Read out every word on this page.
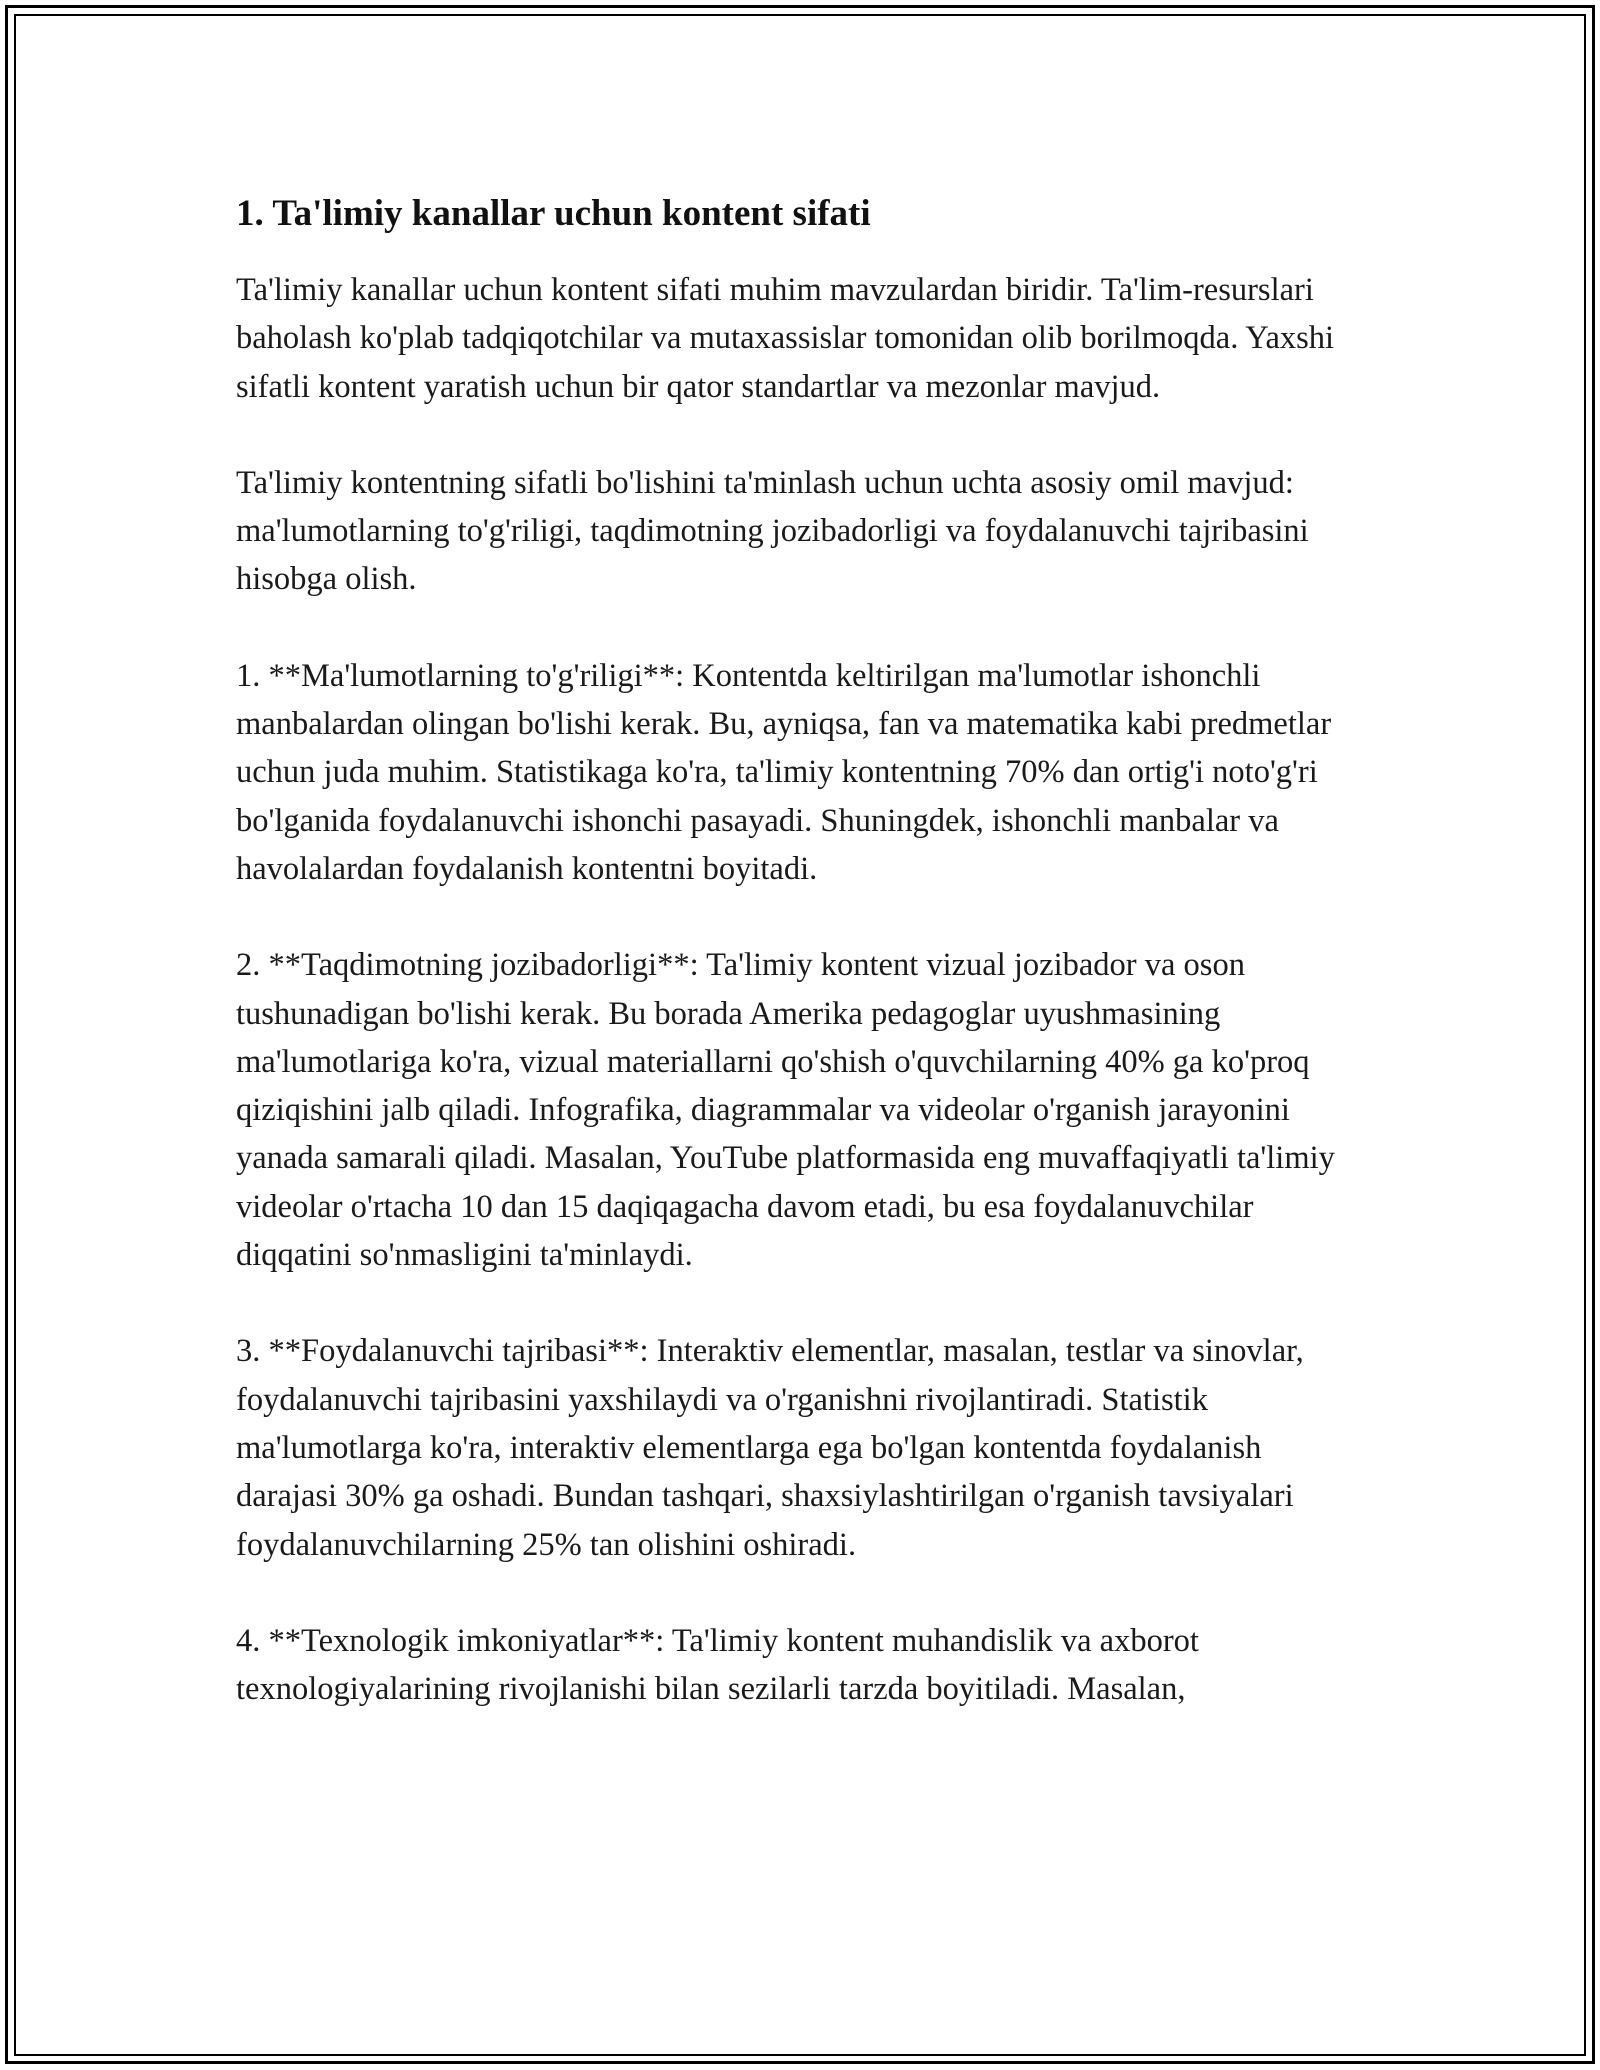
1. Ta'limiy kanallar uchun kontent sifati

Ta'limiy kanallar uchun kontent sifati muhim mavzulardan biridir. Ta'lim-resurslari baholash ko'plab tadqiqotchilar va mutaxassislar tomonidan olib borilmoqda. Yaxshi sifatli kontent yaratish uchun bir qator standartlar va mezonlar mavjud.

Ta'limiy kontentning sifatli bo'lishini ta'minlash uchun uchta asosiy omil mavjud: ma'lumotlarning to'g'riligi, taqdimotning jozibadorligi va foydalanuvchi tajribasini hisobga olish.

1. **Ma'lumotlarning to'g'riligi**: Kontentda keltirilgan ma'lumotlar ishonchli manbalardan olingan bo'lishi kerak. Bu, ayniqsa, fan va matematika kabi predmetlar uchun juda muhim. Statistikaga ko'ra, ta'limiy kontentning 70% dan ortig'i noto'g'ri bo'lganida foydalanuvchi ishonchi pasayadi. Shuningdek, ishonchli manbalar va havolalardan foydalanish kontentni boyitadi.

2. **Taqdimotning jozibadorligi**: Ta'limiy kontent vizual jozibador va oson tushunadigan bo'lishi kerak. Bu borada Amerika pedagoglar uyushmasining ma'lumotlariga ko'ra, vizual materiallarni qo'shish o'quvchilarning 40% ga ko'proq qiziqishini jalb qiladi. Infografika, diagrammalar va videolar o'rganish jarayonini yanada samarali qiladi. Masalan, YouTube platformasida eng muvaffaqiyatli ta'limiy videolar o'rtacha 10 dan 15 daqiqagacha davom etadi, bu esa foydalanuvchilar diqqatini so'nmasligini ta'minlaydi.

3. **Foydalanuvchi tajribasi**: Interaktiv elementlar, masalan, testlar va sinovlar, foydalanuvchi tajribasini yaxshilaydi va o'rganishni rivojlantiradi. Statistik ma'lumotlarga ko'ra, interaktiv elementlarga ega bo'lgan kontentda foydalanish darajasi 30% ga oshadi. Bundan tashqari, shaxsiylashtirilgan o'rganish tavsiyalari foydalanuvchilarning 25% tan olishini oshiradi.

4. **Texnologik imkoniyatlar**: Ta'limiy kontent muhandislik va axborot texnologiyalarining rivojlanishi bilan sezilarli tarzda boyitiladi. Masalan,
